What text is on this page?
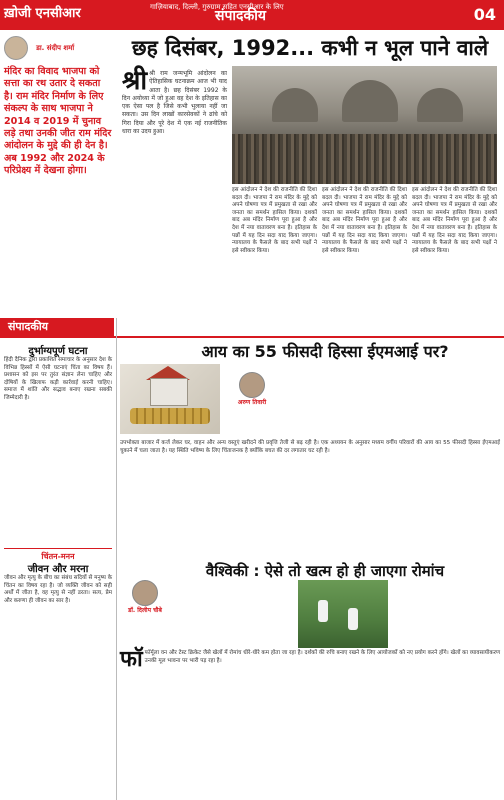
ख़ोजी एनसीआर	गाज़ियाबाद, दिल्ली, गुरुग्राम सहित एनसीआर के लिए
संपादकीय	04
डा. संदीप शर्मा
मंदिर का विवाद भाजपा को सत्ता का रथ उतार दे सकता है। राम मंदिर निर्माण के लिए संकल्प के साथ भाजपा ने 2014 व 2019 में चुनाव लड़े तथा उनकी जीत राम मंदिर आंदोलन के मुद्दे की ही देन है। अब 1992 और 2024 के परिप्रेक्ष्य में देखना होगा।
छह दिसंबर, 1992... कभी न भूल पाने वाले
श्री श्री राम जन्मभूमि आंदोलन का ऐतिहासिक घटनाक्रम आज भी याद आता है। छह दिसंबर 1992 के दिन अयोध्या में जो हुआ वह देश के इतिहास का एक ऐसा पल है जिसे कभी भुलाया नहीं जा सकता। उस दिन लाखों कारसेवकों ने ढांचे को गिरा दिया और पूरे देश में एक नई राजनीतिक धारा का उदय हुआ।
इस आंदोलन ने देश की राजनीति की दिशा बदल दी। भाजपा ने राम मंदिर के मुद्दे को अपने घोषणा पत्र में प्रमुखता से रखा और जनता का समर्थन हासिल किया। दशकों बाद अब मंदिर निर्माण पूरा हुआ है और देश में नया वातावरण बना है। इतिहास के पन्नों में यह दिन सदा याद किया जाएगा। न्यायालय के फैसले के बाद सभी पक्षों ने इसे स्वीकार किया।
इस आंदोलन ने देश की राजनीति की दिशा बदल दी। भाजपा ने राम मंदिर के मुद्दे को अपने घोषणा पत्र में प्रमुखता से रखा और जनता का समर्थन हासिल किया। दशकों बाद अब मंदिर निर्माण पूरा हुआ है और देश में नया वातावरण बना है। इतिहास के पन्नों में यह दिन सदा याद किया जाएगा। न्यायालय के फैसले के बाद सभी पक्षों ने इसे स्वीकार किया।
इस आंदोलन ने देश की राजनीति की दिशा बदल दी। भाजपा ने राम मंदिर के मुद्दे को अपने घोषणा पत्र में प्रमुखता से रखा और जनता का समर्थन हासिल किया। दशकों बाद अब मंदिर निर्माण पूरा हुआ है और देश में नया वातावरण बना है। इतिहास के पन्नों में यह दिन सदा याद किया जाएगा। न्यायालय के फैसले के बाद सभी पक्षों ने इसे स्वीकार किया।
संपादकीय
दुर्भाग्यपूर्ण घटना
हिंदी दैनिक द्वारा प्रकाशित समाचार के अनुसार देश के विभिन्न हिस्सों में ऐसी घटनाएं चिंता का विषय हैं। प्रशासन को इस पर तुरंत संज्ञान लेना चाहिए और दोषियों के खिलाफ कड़ी कार्रवाई करनी चाहिए। समाज में शांति और सद्भाव बनाए रखना सबकी जिम्मेदारी है।
चिंतन-मनन
जीवन और मरना
जीवन और मृत्यु के बीच का संबंध सदियों से मनुष्य के चिंतन का विषय रहा है। जो व्यक्ति जीवन को सही अर्थों में जीता है, वह मृत्यु से नहीं डरता। सत्य, प्रेम और करुणा ही जीवन का सार है।
आय का 55 फीसदी हिस्सा ईएमआई पर?
अरुण तिवारी
उपभोक्ता बाजार में कर्ज लेकर घर, वाहन और अन्य वस्तुएं खरीदने की प्रवृत्ति तेजी से बढ़ रही है। एक अध्ययन के अनुसार मध्यम वर्गीय परिवारों की आय का 55 फीसदी हिस्सा ईएमआई चुकाने में चला जाता है। यह स्थिति भविष्य के लिए चिंताजनक है क्योंकि बचत की दर लगातार घट रही है।
वैश्विकी : ऐसे तो खत्म हो ही जाएगा रोमांच
डॉ. दिलीप चौबे
फॉ फॉर्मूला वन और टेस्ट क्रिकेट जैसे खेलों में रोमांच धीरे-धीरे कम होता जा रहा है। दर्शकों की रुचि बनाए रखने के लिए आयोजकों को नए प्रयोग करने होंगे। खेलों का व्यावसायीकरण उनकी मूल भावना पर भारी पड़ रहा है।
